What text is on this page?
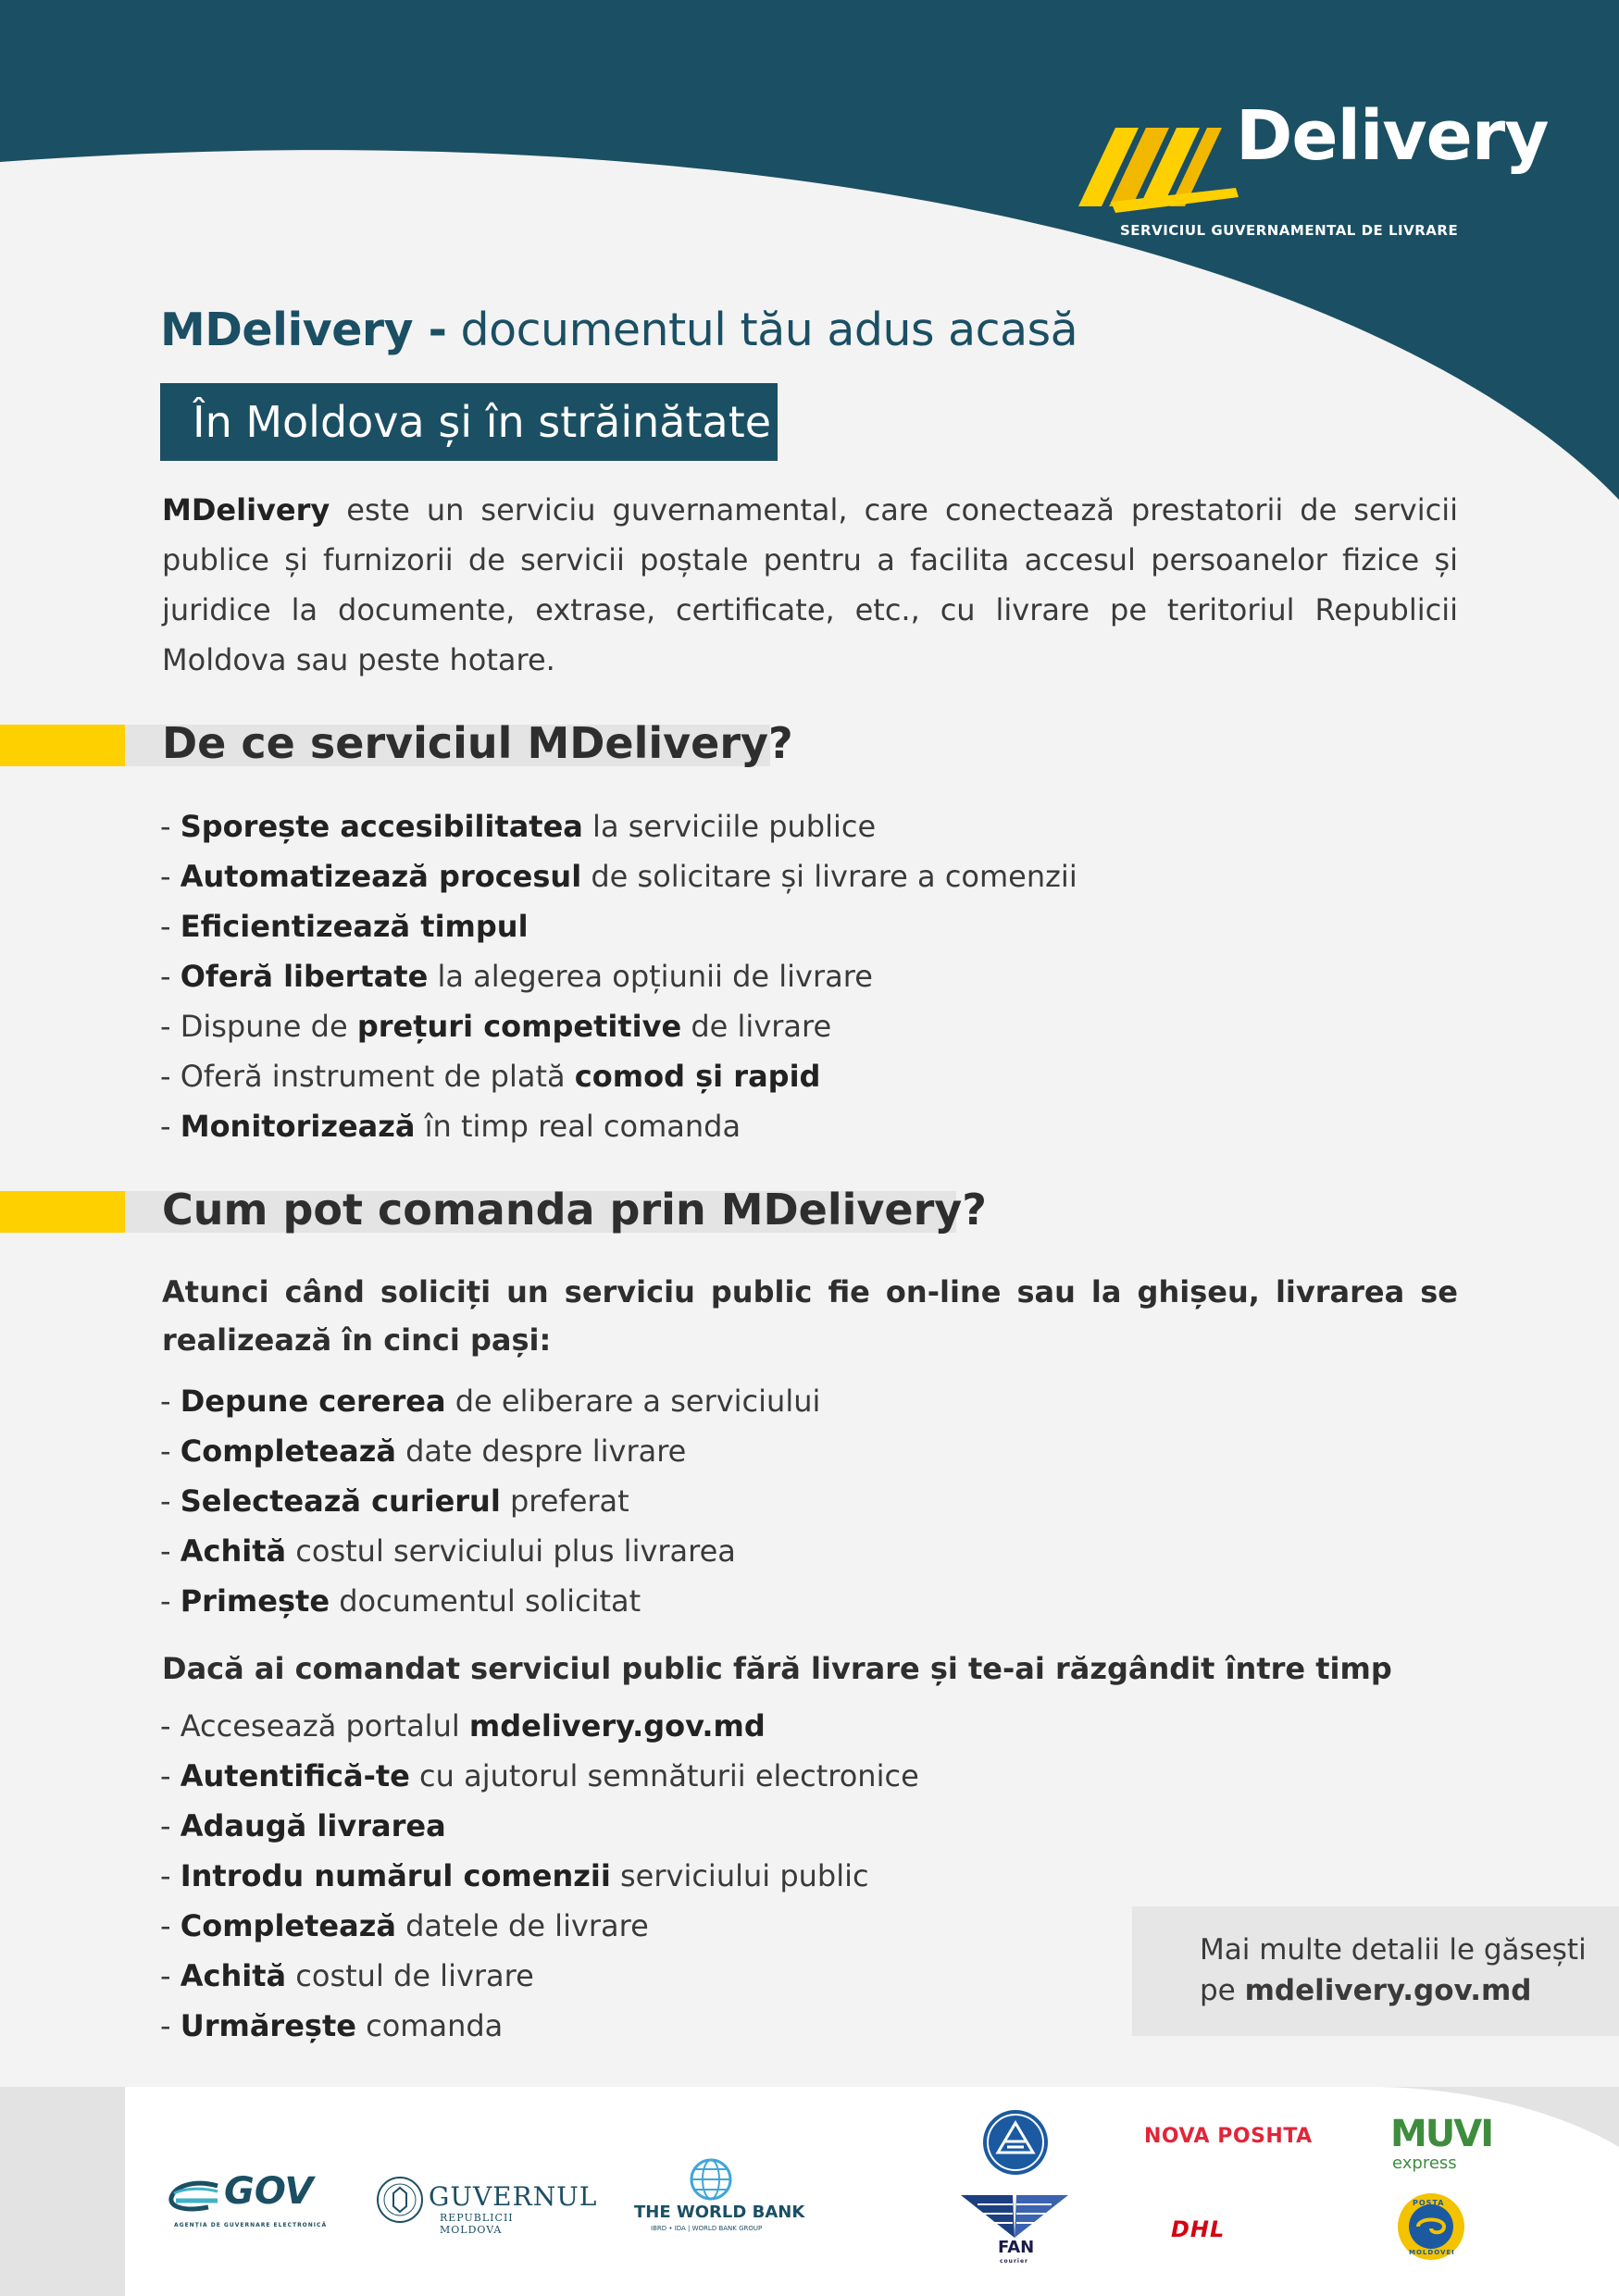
Delivery
SERVICIUL GUVERNAMENTAL DE LIVRARE
MDelivery - documentul tău adus acasă
În Moldova și în străinătate
MDelivery este un serviciu guvernamental, care conectează prestatorii de servicii publice și furnizorii de servicii poștale pentru a facilita accesul persoanelor fizice și juridice la documente, extrase, certificate, etc., cu livrare pe teritoriul Republicii Moldova sau peste hotare.
De ce serviciul MDelivery?
- Sporește accesibilitatea la serviciile publice
- Automatizează procesul de solicitare și livrare a comenzii
- Eficientizează timpul
- Oferă libertate la alegerea opțiunii de livrare
- Dispune de prețuri competitive de livrare
- Oferă instrument de plată comod și rapid
- Monitorizează în timp real comanda
Cum pot comanda prin MDelivery?
Atunci când soliciți un serviciu public fie on-line sau la ghișeu, livrarea se realizează în cinci pași:
- Depune cererea de eliberare a serviciului
- Completează date despre livrare
- Selectează curierul preferat
- Achită costul serviciului plus livrarea
- Primește documentul solicitat
Dacă ai comandat serviciul public fără livrare și te-ai răzgândit între timp
- Accesează portalul mdelivery.gov.md
- Autentifică-te cu ajutorul semnăturii electronice
- Adaugă livrarea
- Introdu numărul comenzii serviciului public
- Completează datele de livrare
- Achită costul de livrare
- Urmărește comanda
Mai multe detalii le găsești
pe mdelivery.gov.md
GOV
AGENȚIA DE GUVERNARE ELECTRONICĂ
GUVERNUL
REPUBLICII MOLDOVA
THE WORLD BANK
IBRD • IDA | WORLD BANK GROUP
NOVA POSHTA MUVI
express
FAN
courier
DHL
POȘTA
MOLDOVEI
